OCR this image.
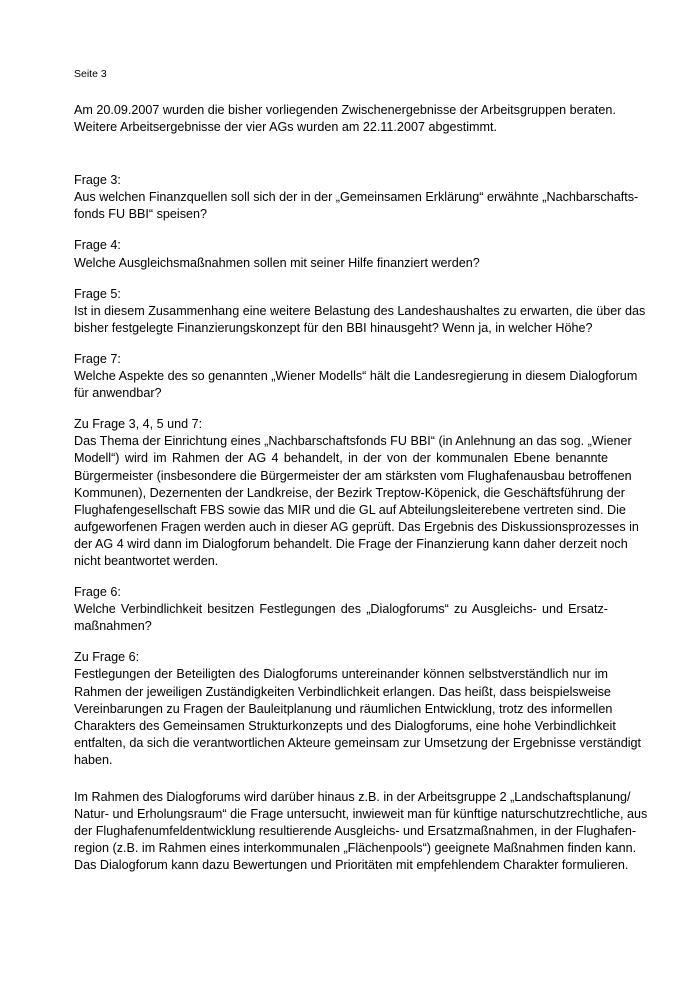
Seite 3

Am 20.09.2007 wurden die bisher vorliegenden Zwischenergebnisse der Arbeitsgruppen beraten.
Weitere Arbeitsergebnisse der vier AGs wurden am 22.11.2007 abgestimmt.

Frage 3:
Aus welchen Finanzquellen soll sich der in der „Gemeinsamen Erklärung“ erwähnte „Nachbarschafts-
fonds FU BBI“ speisen?

Frage 4:
Welche Ausgleichsmaßnahmen sollen mit seiner Hilfe finanziert werden?

Frage 5:
Ist in diesem Zusammenhang eine weitere Belastung des Landeshaushaltes zu erwarten, die über das
bisher festgelegte Finanzierungskonzept für den BBI hinausgeht? Wenn ja, in welcher Höhe?

Frage 7:
Welche Aspekte des so genannten „Wiener Modells“ hält die Landesregierung in diesem Dialogforum
für anwendbar?

Zu Frage 3, 4, 5 und 7:
Das Thema der Einrichtung eines „Nachbarschaftsfonds FU BBI“ (in Anlehnung an das sog. „Wiener
Modell“) wird im Rahmen der AG 4 behandelt, in der von der kommunalen Ebene benannte
Bürgermeister (insbesondere die Bürgermeister der am stärksten vom Flughafenausbau betroffenen
Kommunen), Dezernenten der Landkreise, der Bezirk Treptow-Köpenick, die Geschäftsführung der
Flughafengesellschaft FBS sowie das MIR und die GL auf Abteilungsleiterebene vertreten sind. Die
aufgeworfenen Fragen werden auch in dieser AG geprüft. Das Ergebnis des Diskussionsprozesses in
der AG 4 wird dann im Dialogforum behandelt. Die Frage der Finanzierung kann daher derzeit noch
nicht beantwortet werden.

Frage 6:
Welche Verbindlichkeit besitzen Festlegungen des „Dialogforums“ zu Ausgleichs- und Ersatz-
maßnahmen?

Zu Frage 6:
Festlegungen der Beteiligten des Dialogforums untereinander können selbstverständlich nur im
Rahmen der jeweiligen Zuständigkeiten Verbindlichkeit erlangen. Das heißt, dass beispielsweise
Vereinbarungen zu Fragen der Bauleitplanung und räumlichen Entwicklung, trotz des informellen
Charakters des Gemeinsamen Strukturkonzepts und des Dialogforums, eine hohe Verbindlichkeit
entfalten, da sich die verantwortlichen Akteure gemeinsam zur Umsetzung der Ergebnisse verständigt
haben.

Im Rahmen des Dialogforums wird darüber hinaus z.B. in der Arbeitsgruppe 2 „Landschaftsplanung/
Natur- und Erholungsraum“ die Frage untersucht, inwieweit man für künftige naturschutzrechtliche, aus
der Flughafenumfeldentwicklung resultierende Ausgleichs- und Ersatzmaßnahmen, in der Flughafen-
region (z.B. im Rahmen eines interkommunalen „Flächenpools“) geeignete Maßnahmen finden kann.
Das Dialogforum kann dazu Bewertungen und Prioritäten mit empfehlendem Charakter formulieren.
